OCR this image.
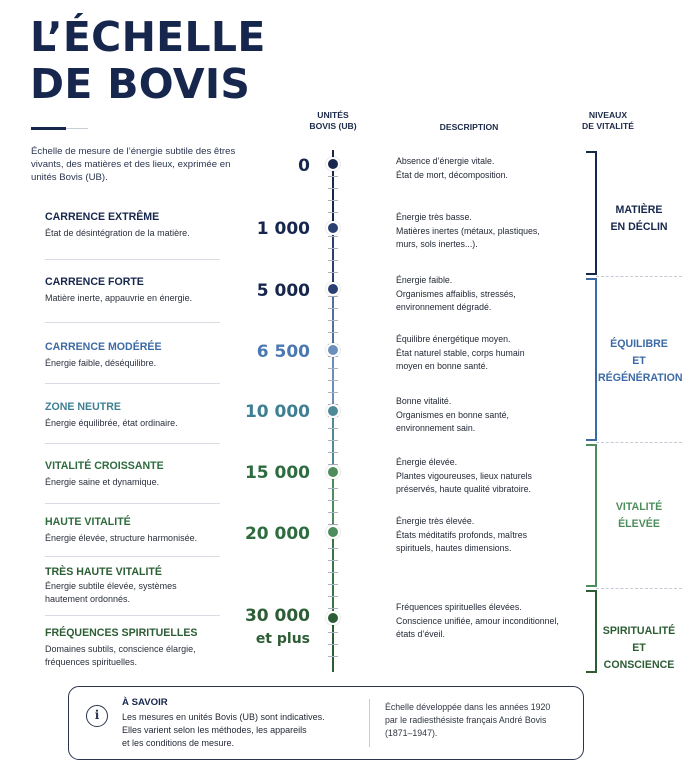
L’ÉCHELLE
DE BOVIS
Échelle de mesure de l’énergie subtile des êtres vivants, des matières et des lieux, exprimée en unités Bovis (UB).
UNITÉS
BOVIS (UB)	DESCRIPTION
NIVEAUX
DE VITALITÉ
CARRENCE EXTRÊME
État de désintégration de la matière.
CARRENCE FORTE
Matière inerte, appauvrie en énergie.
CARRENCE MODÉRÉE
Énergie faible, déséquilibre.
ZONE NEUTRE
Énergie équilibrée, état ordinaire.
VITALITÉ CROISSANTE
Énergie saine et dynamique.
HAUTE VITALITÉ
Énergie élevée, structure harmonisée.
TRÈS HAUTE VITALITÉ
Énergie subtile élevée, systèmes hautement ordonnés.
FRÉQUENCES SPIRITUELLES
Domaines subtils, conscience élargie, fréquences spirituelles.
0
1 000
5 000
6 500
10 000
15 000
20 000
30 000
et plus
Absence d’énergie vitale.
État de mort, décomposition.
Énergie très basse.
Matières inertes (métaux, plastiques,
murs, sols inertes...).
Énergie faible.
Organismes affaiblis, stressés,
environnement dégradé.
Équilibre énergétique moyen.
État naturel stable, corps humain
moyen en bonne santé.
Bonne vitalité.
Organismes en bonne santé,
environnement sain.
Énergie élevée.
Plantes vigoureuses, lieux naturels
préservés, haute qualité vibratoire.
Énergie très élevée.
États méditatifs profonds, maîtres
spirituels, hautes dimensions.
Fréquences spirituelles élevées.
Conscience unifiée, amour inconditionnel,
états d’éveil.
MATIÈRE
EN DÉCLIN
ÉQUILIBRE
ET
RÉGÉNÉRATION
VITALITÉ
ÉLEVÉE
SPIRITUALITÉ
ET CONSCIENCE
i
À SAVOIR
Les mesures en unités Bovis (UB) sont indicatives.
Elles varient selon les méthodes, les appareils
et les conditions de mesure.
Échelle développée dans les années 1920
par le radiesthésiste français André Bovis
(1871–1947).
